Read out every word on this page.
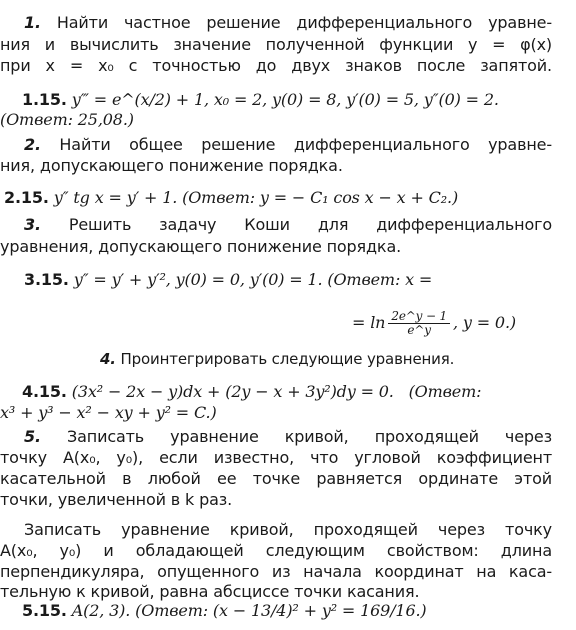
1. Найти частное решение дифференциального уравне-
ния и вычислить значение полученной функции y = φ(x)
при x = x₀ с точностью до двух знаков после запятой.
1.15. y‴ = e^(x/2) + 1, x₀ = 2, y(0) = 8, y′(0) = 5, y″(0) = 2.
(Ответ: 25,08.)
2. Найти общее решение дифференциального уравне-
ния, допускающего понижение порядка.
2.15. y″ tg x = y′ + 1. (Ответ: y = − C₁ cos x − x + C₂.)
3. Решить задачу Коши для дифференциального
уравнения, допускающего понижение порядка.
3.15. y″ = y′ + y′², y(0) = 0, y′(0) = 1. (Ответ: x =
= $\ln \frac{2e\^{}y - 1}{e\^{}y}$ , y = 0.)
4. Проинтегрировать следующие уравнения.
4.15. (3x² − 2x − y)dx + (2y − x + 3y²)dy = 0. (Ответ:
x³ + y³ − x² − xy + y² = C.)
5. Записать уравнение кривой, проходящей через
точку A(x₀, y₀), если известно, что угловой коэффициент
касательной в любой ее точке равняется ординате этой
точки, увеличенной в k раз.
Записать уравнение кривой, проходящей через точку
A(x₀, y₀) и обладающей следующим свойством: длина
перпендикуляра, опущенного из начала координат на каса-
тельную к кривой, равна абсциссе точки касания.
5.15. A(2, 3). (Ответ: (x − 13/4)² + y² = 169/16.)
